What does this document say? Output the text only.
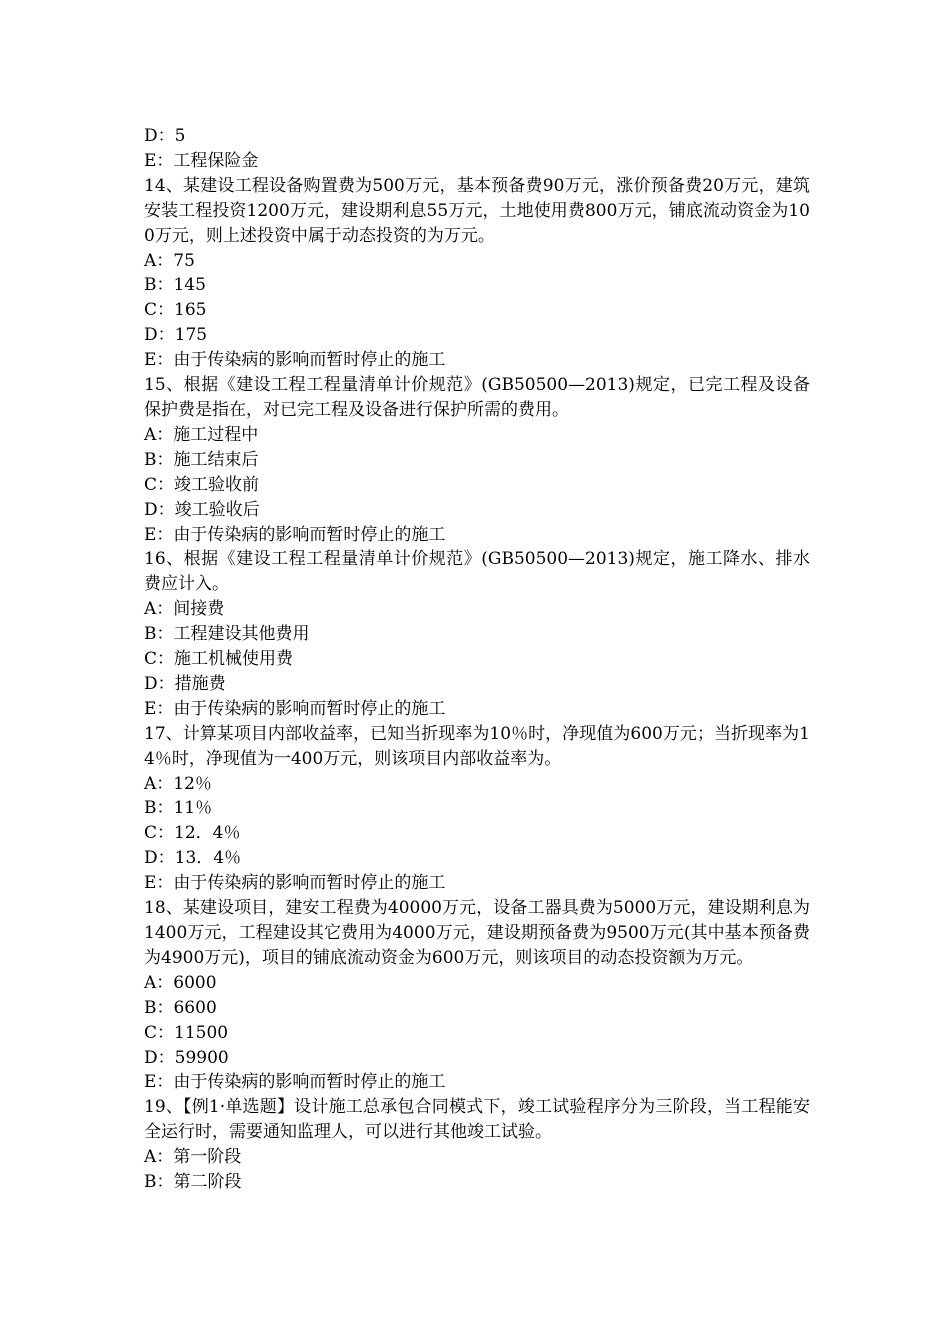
D：5
E：工程保险金
14、某建设工程设备购置费为500万元，基本预备费90万元，涨价预备费20万元，建筑安装工程投资1200万元，建设期利息55万元，土地使用费800万元，铺底流动资金为100万元，则上述投资中属于动态投资的为万元。
A：75
B：145
C：165
D：175
E：由于传染病的影响而暂时停止的施工
15、根据《建设工程工程量清单计价规范》(GB50500—2013)规定，已完工程及设备保护费是指在，对已完工程及设备进行保护所需的费用。
A：施工过程中
B：施工结束后
C：竣工验收前
D：竣工验收后
E：由于传染病的影响而暂时停止的施工
16、根据《建设工程工程量清单计价规范》(GB50500—2013)规定，施工降水、排水费应计入。
A：间接费
B：工程建设其他费用
C：施工机械使用费
D：措施费
E：由于传染病的影响而暂时停止的施工
17、计算某项目内部收益率，已知当折现率为10％时，净现值为600万元；当折现率为14％时，净现值为一400万元，则该项目内部收益率为。
A：12％
B：11％
C：12．4％
D：13．4％
E：由于传染病的影响而暂时停止的施工
18、某建设项目，建安工程费为40000万元，设备工器具费为5000万元，建设期利息为1400万元，工程建设其它费用为4000万元，建设期预备费为9500万元(其中基本预备费为4900万元)，项目的铺底流动资金为600万元，则该项目的动态投资额为万元。
A：6000
B：6600
C：11500
D：59900
E：由于传染病的影响而暂时停止的施工
19、【例1·单选题】设计施工总承包合同模式下，竣工试验程序分为三阶段，当工程能安全运行时，需要通知监理人，可以进行其他竣工试验。
A：第一阶段
B：第二阶段
